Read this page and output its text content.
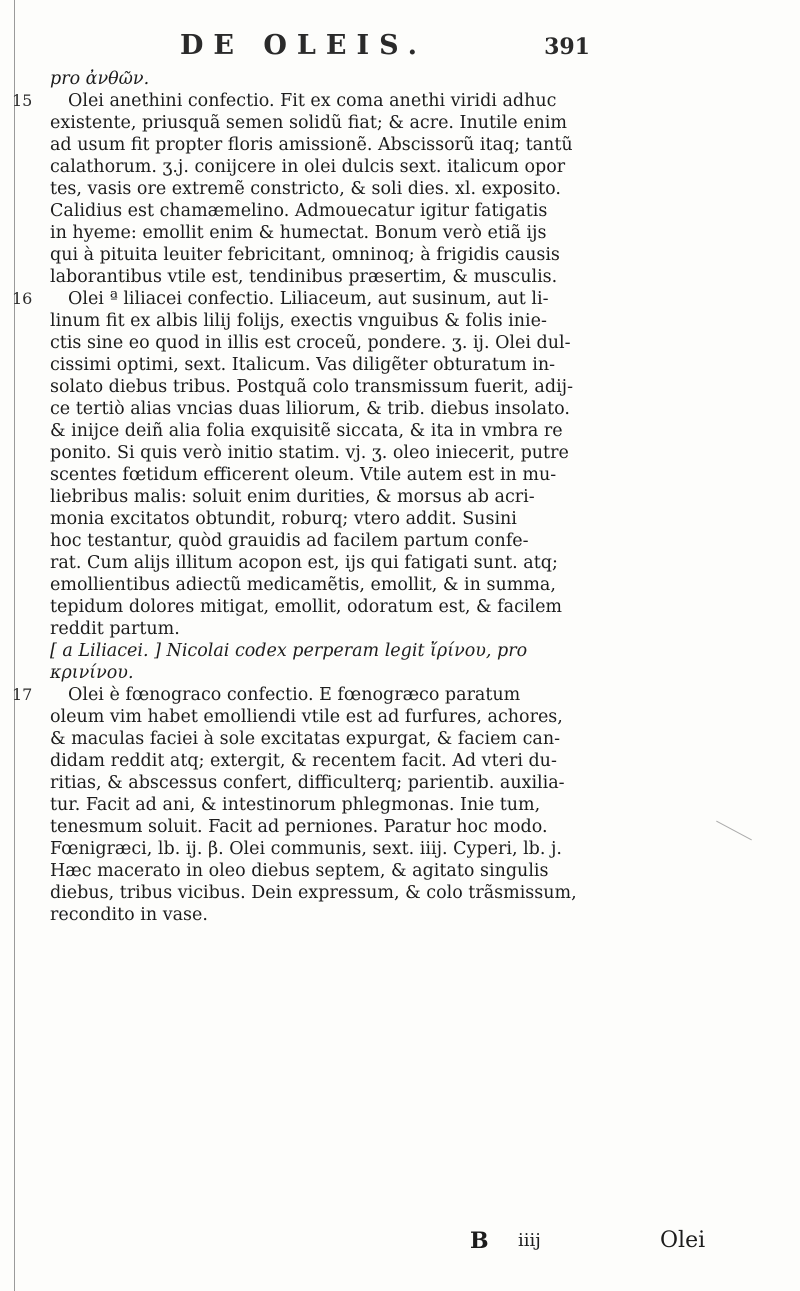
DE OLEIS.	391
pro ἀνθῶν.
15 Olei anethini confectio. Fit ex coma anethi viridi adhuc
existente, priusquã semen solidũ fiat; & acre. Inutile enim
ad usum fit propter floris amissionẽ. Abscissorũ itaq; tantũ
calathorum. ʒ.j. conijcere in olei dulcis sext. italicum opor
tes, vasis ore extremẽ constricto, & soli dies. xl. exposito.
Calidius est chamæmelino. Admouecatur igitur fatigatis
in hyeme: emollit enim & humectat. Bonum verò etiã ijs
qui à pituita leuiter febricitant, omninoq; à frigidis causis
laborantibus vtile est, tendinibus præsertim, & musculis.
16 Olei ª liliacei confectio. Liliaceum, aut susinum, aut li-
linum fit ex albis lilij folijs, exectis vnguibus & folis inie-
ctis sine eo quod in illis est croceũ, pondere. ʒ. ij. Olei dul-
cissimi optimi, sext. Italicum. Vas diligẽter obturatum in-
solato diebus tribus. Postquã colo transmissum fuerit, adij-
ce tertiò alias vncias duas liliorum, & trib. diebus insolato.
& inijce deiñ alia folia exquisitẽ siccata, & ita in vmbra re
ponito. Si quis verò initio statim. vj. ʒ. oleo iniecerit, putre
scentes fœtidum efficerent oleum. Vtile autem est in mu-
liebribus malis: soluit enim durities, & morsus ab acri-
monia excitatos obtundit, roburq; vtero addit. Susini
hoc testantur, quòd grauidis ad facilem partum confe-
rat. Cum alijs illitum acopon est, ijs qui fatigati sunt. atq;
emollientibus adiectũ medicamẽtis, emollit, & in summa,
tepidum dolores mitigat, emollit, odoratum est, & facilem
reddit partum.
[ a Liliacei. ] Nicolai codex perperam legit ἴρίνου, pro
κρινίνου.
17 Olei è fœnograco confectio. E fœnogræco paratum
oleum vim habet emolliendi vtile est ad furfures, achores,
& maculas faciei à sole excitatas expurgat, & faciem can-
didam reddit atq; extergit, & recentem facit. Ad vteri du-
ritias, & abscessus confert, difficulterq; parientib. auxilia-
tur. Facit ad ani, & intestinorum phlegmonas. Inie tum,
tenesmum soluit. Facit ad perniones. Paratur hoc modo.
Fœnigræci, lb. ij. β. Olei communis, sext. iiij. Cyperi, lb. j.
Hæc macerato in oleo diebus septem, & agitato singulis
diebus, tribus vicibus. Dein expressum, & colo trãsmissum,
recondito in vase.
B iiij	Olei
